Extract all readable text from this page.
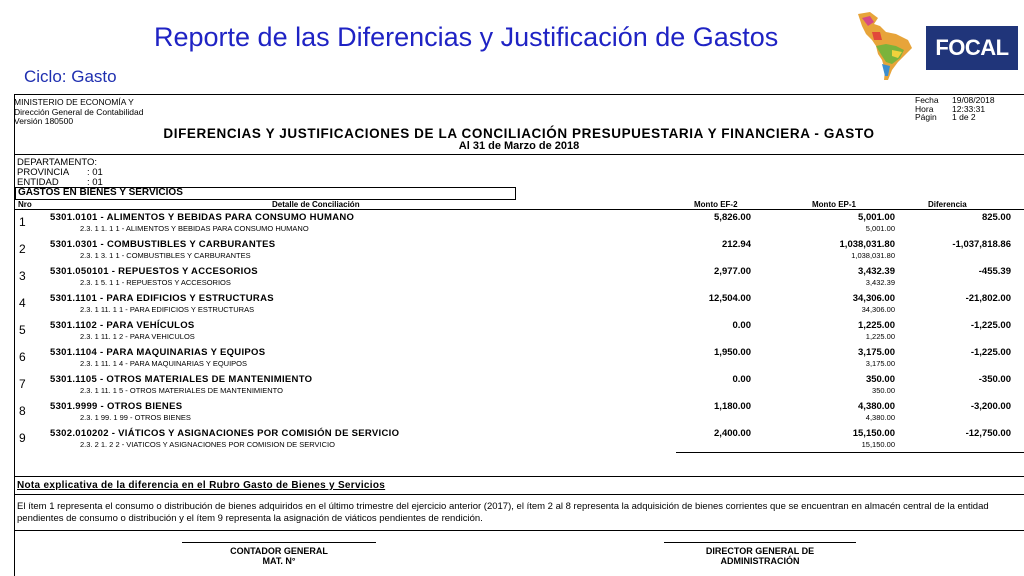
Reporte de las Diferencias y Justificación de Gastos
Ciclo: Gasto
FOCAL
MINISTERIO DE ECONOMÍA Y
Dirección General de Contabilidad
Versión 180500
Fecha	19/08/2018
Hora	12:33:31
Págin	1 de 2
DIFERENCIAS Y JUSTIFICACIONES DE LA CONCILIACIÓN PRESUPUESTARIA Y FINANCIERA - GASTO
Al 31 de Marzo de 2018
DEPARTAMENTO:
PROVINCIA : 01
ENTIDAD	: 01
GASTOS EN BIENES Y SERVICIOS
Nro	Detalle de Conciliación	Monto EF-2	Monto EP-1	Diferencia
1	5301.0101 - ALIMENTOS Y BEBIDAS PARA CONSUMO HUMANO
2.3. 1 1. 1 1 - ALIMENTOS Y BEBIDAS PARA CONSUMO HUMANO
5,826.00	5,001.00	825.00
5,001.00
2	5301.0301 - COMBUSTIBLES Y CARBURANTES
2.3. 1 3. 1 1 - COMBUSTIBLES Y CARBURANTES
212.94	1,038,031.80	-1,037,818.86
1,038,031.80
3	5301.050101 - REPUESTOS Y ACCESORIOS
2.3. 1 5. 1 1 - REPUESTOS Y ACCESORIOS
2,977.00	3,432.39	-455.39
3,432.39
4	5301.1101 - PARA EDIFICIOS Y ESTRUCTURAS
2.3. 1 11. 1 1 - PARA EDIFICIOS Y ESTRUCTURAS
12,504.00	34,306.00	-21,802.00
34,306.00
5	5301.1102 - PARA VEHÍCULOS
2.3. 1 11. 1 2 - PARA VEHICULOS
0.00	1,225.00	-1,225.00
1,225.00
6	5301.1104 - PARA MAQUINARIAS Y EQUIPOS
2.3. 1 11. 1 4 - PARA MAQUINARIAS Y EQUIPOS
1,950.00	3,175.00	-1,225.00
3,175.00
7	5301.1105 - OTROS MATERIALES DE MANTENIMIENTO
2.3. 1 11. 1 5 - OTROS MATERIALES DE MANTENIMIENTO
0.00	350.00	-350.00
350.00
8	5301.9999 - OTROS BIENES
2.3. 1 99. 1 99 - OTROS BIENES
1,180.00	4,380.00	-3,200.00
4,380.00
9	5302.010202 - VIÁTICOS Y ASIGNACIONES POR COMISIÓN DE SERVICIO
2.3. 2 1. 2 2 - VIATICOS Y ASIGNACIONES POR COMISION DE SERVICIO
2,400.00	15,150.00	-12,750.00
15,150.00
Nota explicativa de la diferencia en el Rubro Gasto de Bienes y Servicios
El ítem 1 representa el consumo o distribución de bienes adquiridos en el último trimestre del ejercicio anterior (2017), el ítem 2 al 8 representa la adquisición de bienes corrientes que se encuentran en almacén central de la entidad pendientes de consumo o distribución y el ítem 9 representa la asignación de viáticos pendientes de rendición.
CONTADOR GENERAL
MAT. N°
DIRECTOR GENERAL DE
ADMINISTRACIÓN
